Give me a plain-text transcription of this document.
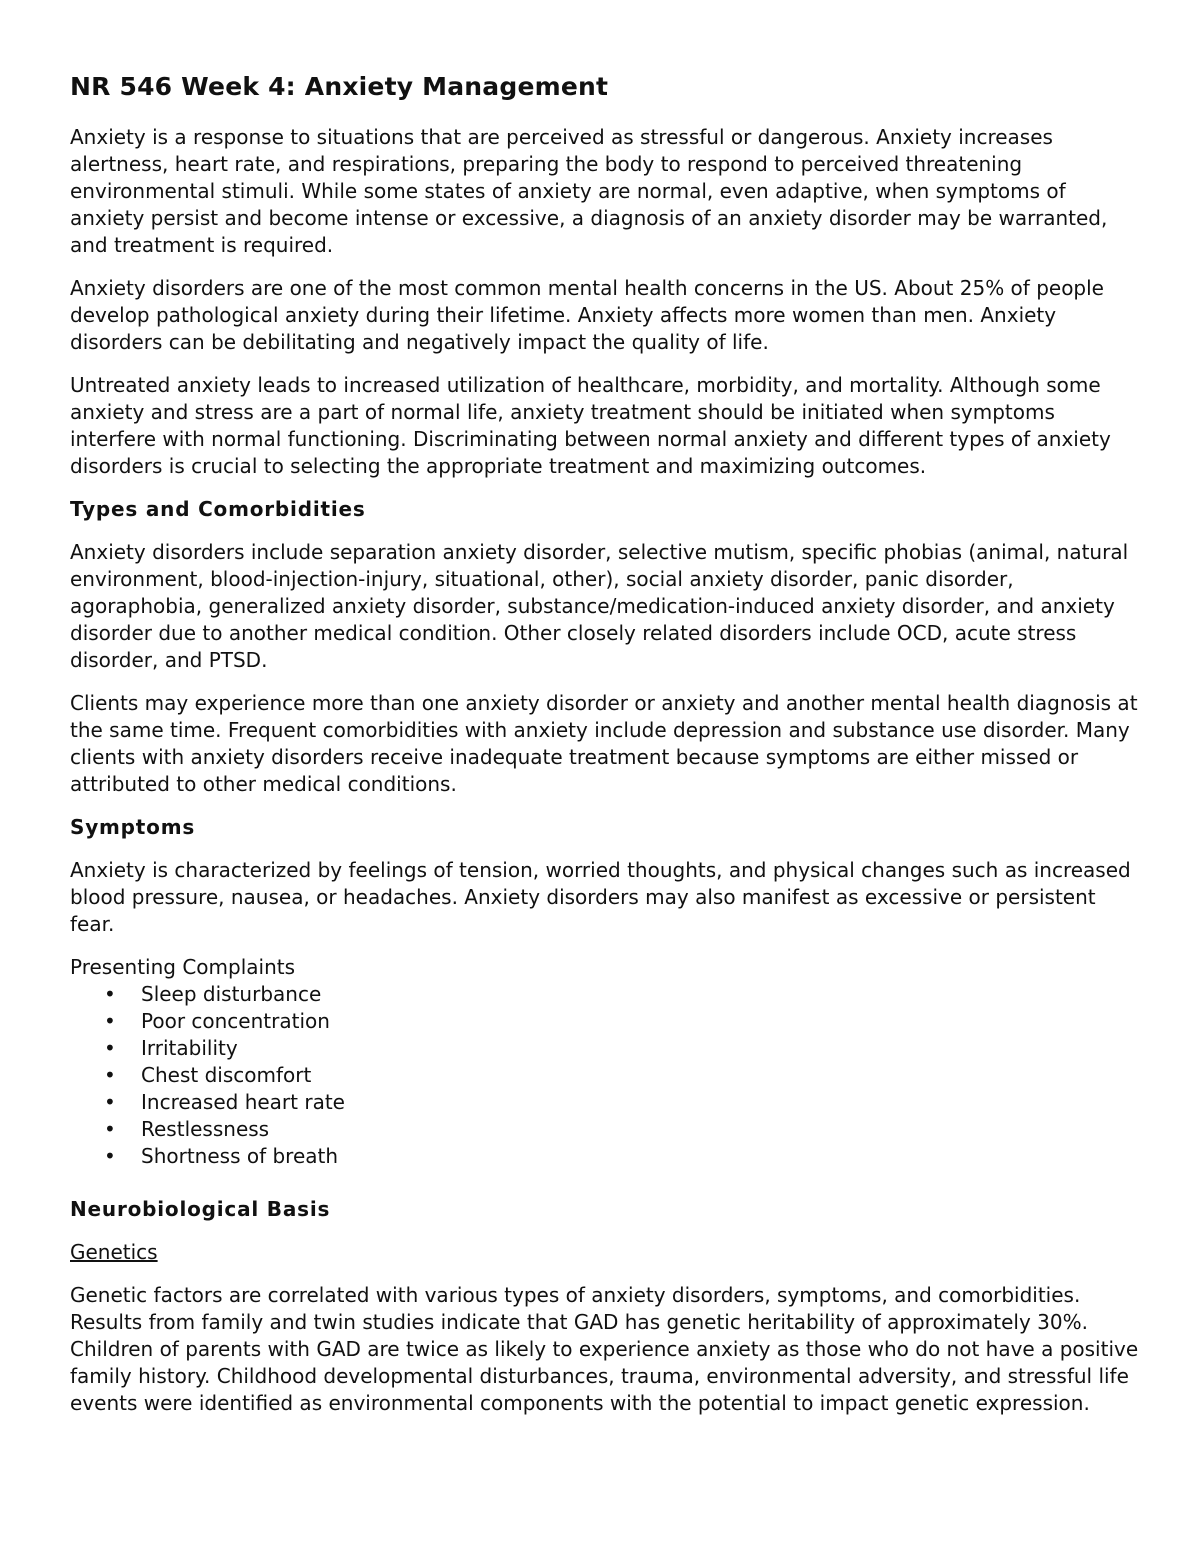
NR 546 Week 4: Anxiety Management

Anxiety is a response to situations that are perceived as stressful or dangerous. Anxiety increases alertness, heart rate, and respirations, preparing the body to respond to perceived threatening environmental stimuli. While some states of anxiety are normal, even adaptive, when symptoms of anxiety persist and become intense or excessive, a diagnosis of an anxiety disorder may be warranted, and treatment is required.

Anxiety disorders are one of the most common mental health concerns in the US. About 25% of people develop pathological anxiety during their lifetime. Anxiety affects more women than men. Anxiety disorders can be debilitating and negatively impact the quality of life.

Untreated anxiety leads to increased utilization of healthcare, morbidity, and mortality. Although some anxiety and stress are a part of normal life, anxiety treatment should be initiated when symptoms interfere with normal functioning. Discriminating between normal anxiety and different types of anxiety disorders is crucial to selecting the appropriate treatment and maximizing outcomes.

Types and Comorbidities

Anxiety disorders include separation anxiety disorder, selective mutism, specific phobias (animal, natural environment, blood-injection-injury, situational, other), social anxiety disorder, panic disorder, agoraphobia, generalized anxiety disorder, substance/medication-induced anxiety disorder, and anxiety disorder due to another medical condition. Other closely related disorders include OCD, acute stress disorder, and PTSD.

Clients may experience more than one anxiety disorder or anxiety and another mental health diagnosis at the same time. Frequent comorbidities with anxiety include depression and substance use disorder. Many clients with anxiety disorders receive inadequate treatment because symptoms are either missed or attributed to other medical conditions.

Symptoms

Anxiety is characterized by feelings of tension, worried thoughts, and physical changes such as increased blood pressure, nausea, or headaches. Anxiety disorders may also manifest as excessive or persistent fear.

Presenting Complaints
• Sleep disturbance
• Poor concentration
• Irritability
• Chest discomfort
• Increased heart rate
• Restlessness
• Shortness of breath
Neurobiological Basis
Genetics

Genetic factors are correlated with various types of anxiety disorders, symptoms, and comorbidities. Results from family and twin studies indicate that GAD has genetic heritability of approximately 30%. Children of parents with GAD are twice as likely to experience anxiety as those who do not have a positive family history. Childhood developmental disturbances, trauma, environmental adversity, and stressful life events were identified as environmental components with the potential to impact genetic expression.
